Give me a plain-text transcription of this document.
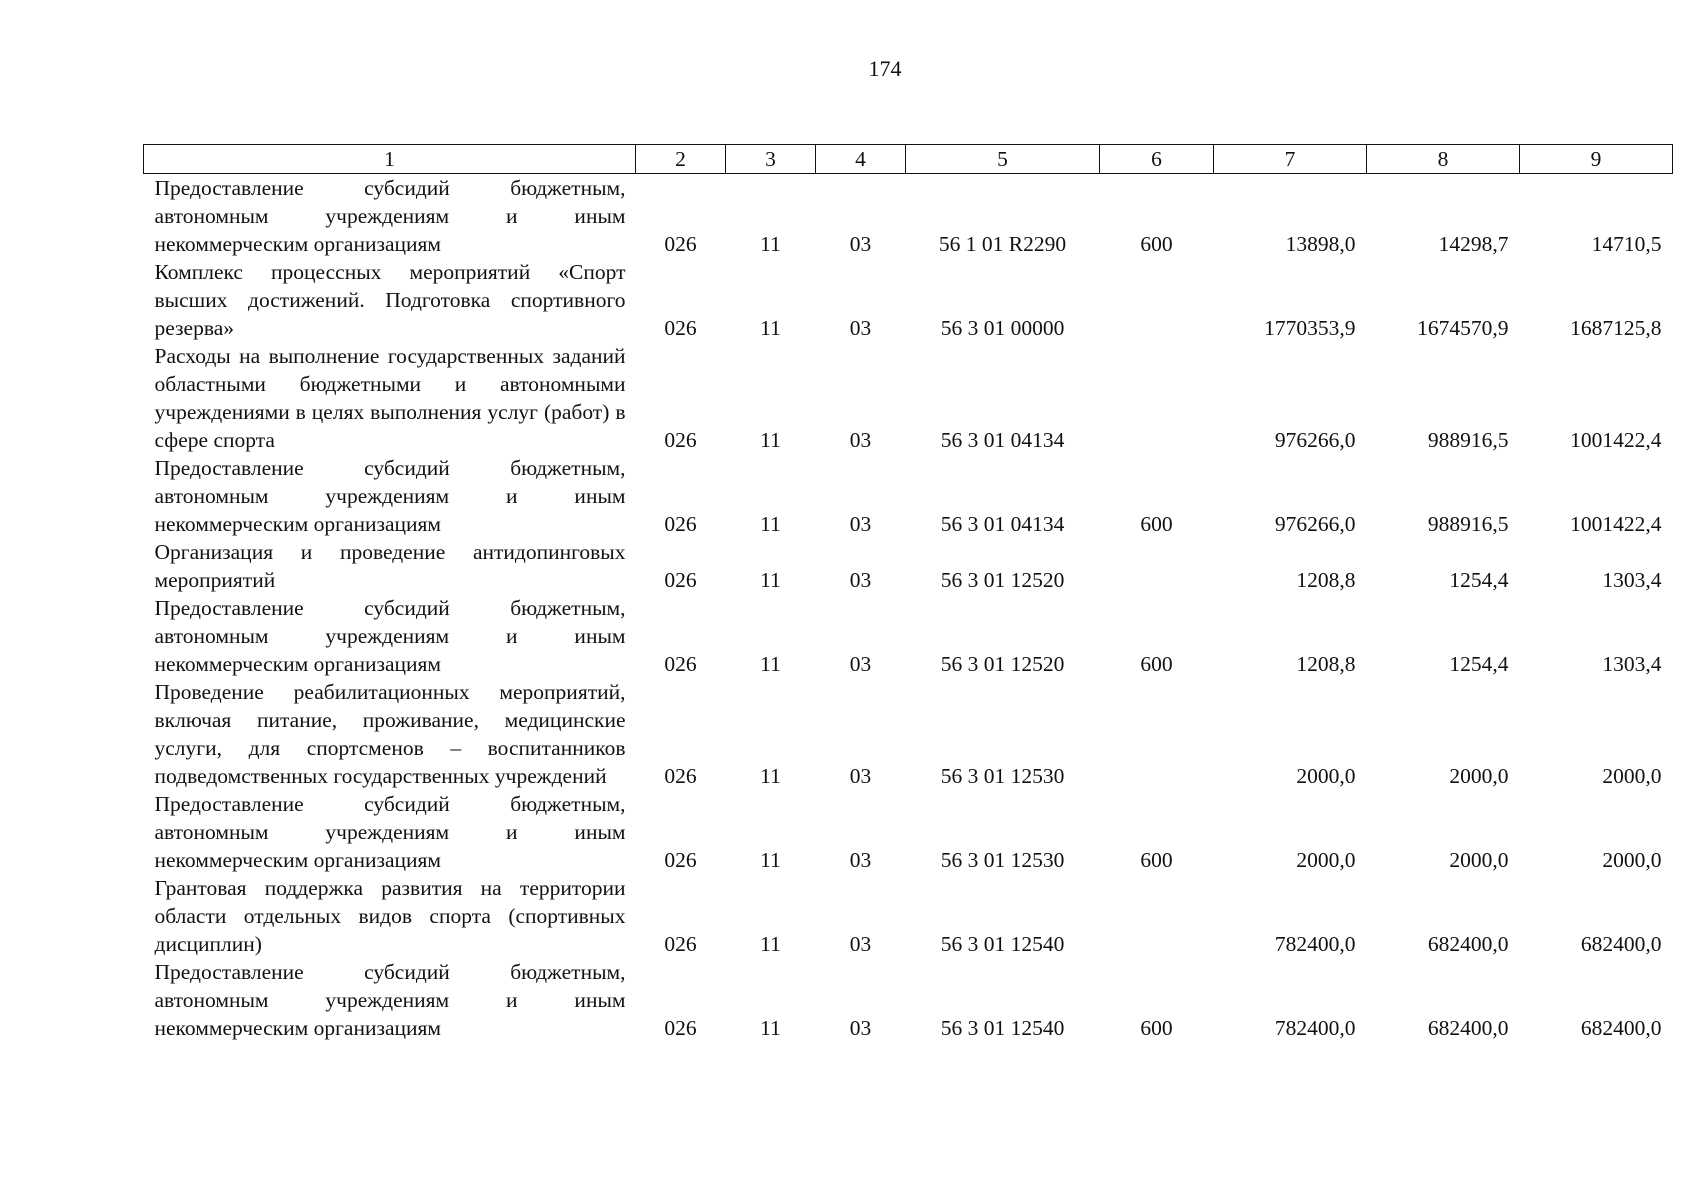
174
1	2	3	4	5	6	7	8	9
Предоставление субсидий бюджетным, автономным учреждениям и иным некоммерческим организациям	026	11	03	56 1 01 R2290	600	13898,0	14298,7	14710,5
Комплекс процессных мероприятий «Спорт высших достижений. Подготовка спортивного резерва»	026	11	03	56 3 01 00000		1770353,9	1674570,9	1687125,8
Расходы на выполнение государственных заданий областными бюджетными и автономными учреждениями в целях выполнения услуг (работ) в сфере спорта	026	11	03	56 3 01 04134		976266,0	988916,5	1001422,4
Предоставление субсидий бюджетным, автономным учреждениям и иным некоммерческим организациям	026	11	03	56 3 01 04134	600	976266,0	988916,5	1001422,4
Организация и проведение антидопинговых мероприятий	026	11	03	56 3 01 12520		1208,8	1254,4	1303,4
Предоставление субсидий бюджетным, автономным учреждениям и иным некоммерческим организациям	026	11	03	56 3 01 12520	600	1208,8	1254,4	1303,4
Проведение реабилитационных мероприятий, включая питание, проживание, медицинские услуги, для спортсменов – воспитанников подведомственных государственных учреждений	026	11	03	56 3 01 12530		2000,0	2000,0	2000,0
Предоставление субсидий бюджетным, автономным учреждениям и иным некоммерческим организациям	026	11	03	56 3 01 12530	600	2000,0	2000,0	2000,0
Грантовая поддержка развития на территории области отдельных видов спорта (спортивных дисциплин)	026	11	03	56 3 01 12540		782400,0	682400,0	682400,0
Предоставление субсидий бюджетным, автономным учреждениям и иным некоммерческим организациям	026	11	03	56 3 01 12540	600	782400,0	682400,0	682400,0
